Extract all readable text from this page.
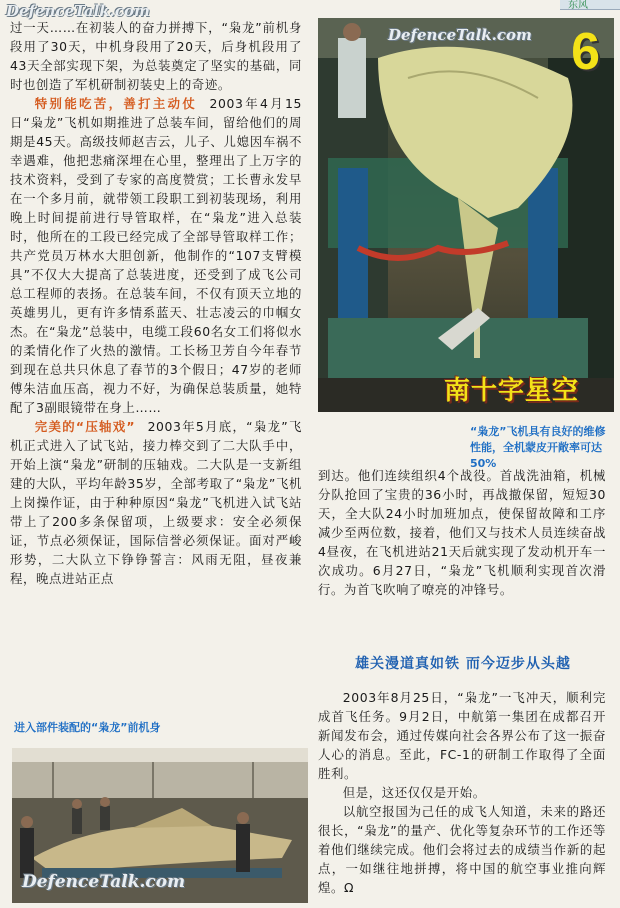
DefenceTalk.com	东风

过一天……在初装人的奋力拼搏下，“枭龙”前机身段用了30天，中机身段用了20天，后身机段用了43天全部实现下架，为总装奠定了坚实的基础，同时也创造了军机研制初装史上的奇迹。

特别能吃苦，善打主动仗 2003年4月15日“枭龙”飞机如期推进了总装车间，留给他们的周期是45天。高级技师赵吉云，儿子、儿媳因车祸不幸遇难，他把悲痛深埋在心里，整理出了上万字的技术资料，受到了专家的高度赞赏；工长曹永发早在一个多月前，就带领工段职工到初装现场，利用晚上时间提前进行导管取样，在“枭龙”进入总装时，他所在的工段已经完成了全部导管取样工作；共产党员万林水大胆创新，他制作的“107支臂模具”不仅大大提高了总装进度，还受到了成飞公司总工程师的表扬。在总装车间，不仅有顶天立地的英雄男儿，更有许多情系蓝天、壮志凌云的巾帼女杰。在“枭龙”总装中，电缆工段60名女工们将似水的柔情化作了火热的激情。工长杨卫芳自今年春节到现在总共只休息了春节的3个假日；47岁的老师傅朱洁血压高，视力不好，为确保总装质量，她特配了3副眼镜带在身上……

完美的“压轴戏” 2003年5月底，“枭龙”飞机正式进入了试飞站，接力棒交到了二大队手中，开始上演“枭龙”研制的压轴戏。二大队是一支新组建的大队，平均年龄35岁，全部考取了“枭龙”飞机上岗操作证，由于种种原因“枭龙”飞机进入试飞站带上了200多条保留项，上级要求：安全必须保证，节点必须保证，国际信誉必须保证。面对严峻形势，二大队立下铮铮誓言：风雨无阻，昼夜兼程，晚点进站正点

DefenceTalk.com 6
南十字星空
“枭龙”飞机具有良好的维修性能，全机蒙皮开敞率可达50%

到达。他们连续组织4个战役。首战洗油箱，机械分队抢回了宝贵的36小时，再战撤保留，短短30天，全大队24小时加班加点，使保留故障和工序减少至两位数，接着，他们又与技术人员连续奋战4昼夜，在飞机进站21天后就实现了发动机开车一次成功。6月27日，“枭龙”飞机顺利实现首次滑行。为首飞吹响了嘹亮的冲锋号。

雄关漫道真如铁 而今迈步从头越

2003年8月25日，“枭龙”一飞冲天，顺利完成首飞任务。9月2日，中航第一集团在成都召开新闻发布会，通过传媒向社会各界公布了这一振奋人心的消息。至此，FC-1的研制工作取得了全面胜利。

但是，这还仅仅是开始。

以航空报国为己任的成飞人知道，未来的路还很长，“枭龙”的量产、优化等复杂环节的工作还等着他们继续完成。他们会将过去的成绩当作新的起点，一如继往地拼搏，将中国的航空事业推向辉煌。Ω

进入部件装配的“枭龙”前机身
DefenceTalk.com
